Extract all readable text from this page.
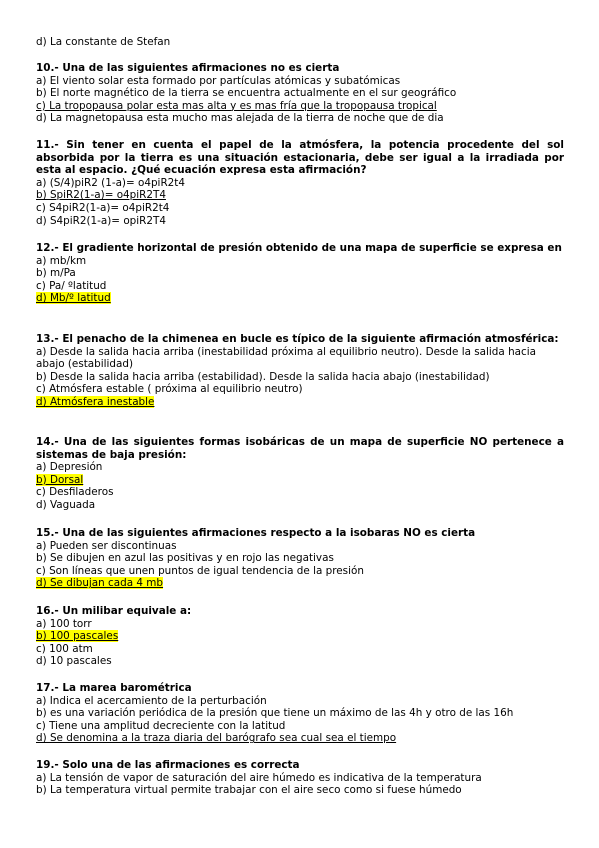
d) La constante de Stefan

10.- Una de las siguientes afirmaciones no es cierta

a) El viento solar esta formado por partículas atómicas y subatómicas
b) El norte magnético de la tierra se encuentra actualmente en el sur geográfico
c) La tropopausa polar esta mas alta y es mas fría que la tropopausa tropical
d) La magnetopausa esta mucho mas alejada de la tierra de noche que de dia

11.- Sin tener en cuenta el papel de la atmósfera, la potencia procedente del sol absorbida por la tierra es una situación estacionaria, debe ser igual a la irradiada por esta al espacio. ¿Qué ecuación expresa esta afirmación?

a) (S/4)piR2 (1-a)= o4piR2t4
b) SpiR2(1-a)= o4piR2T4
c) S4piR2(1-a)= o4piR2t4
d) S4piR2(1-a)= opiR2T4

12.- El gradiente horizontal de presión obtenido de una mapa de superficie se expresa en

a) mb/km
b) m/Pa
c) Pa/ ºlatitud
d) Mb/º latitud

13.- El penacho de la chimenea en bucle es típico de la siguiente afirmación atmosférica:

a) Desde la salida hacia arriba (inestabilidad próxima al equilibrio neutro). Desde la salida hacia abajo (estabilidad)
b) Desde la salida hacia arriba (estabilidad). Desde la salida hacia abajo (inestabilidad)
c) Atmósfera estable ( próxima al equilibrio neutro)
d) Atmósfera inestable

14.- Una de las siguientes formas isobáricas de un mapa de superficie NO pertenece a sistemas de baja presión:

a) Depresión
b) Dorsal
c) Desfiladeros
d) Vaguada

15.- Una de las siguientes afirmaciones respecto a la isobaras NO es cierta

a) Pueden ser discontinuas
b) Se dibujen en azul las positivas y en rojo las negativas
c) Son líneas que unen puntos de igual tendencia de la presión
d) Se dibujan cada 4 mb

16.- Un milibar equivale a:

a) 100 torr
b) 100 pascales
c) 100 atm
d) 10 pascales

17.- La marea barométrica

a) Indica el acercamiento de la perturbación
b) es una variación periódica de la presión que tiene un máximo de las 4h y otro de las 16h
c) Tiene una amplitud decreciente con la latitud
d) Se denomina a la traza diaria del barógrafo sea cual sea el tiempo

19.- Solo una de las afirmaciones es correcta

a) La tensión de vapor de saturación del aire húmedo es indicativa de la temperatura
b) La temperatura virtual permite trabajar con el aire seco como si fuese húmedo
